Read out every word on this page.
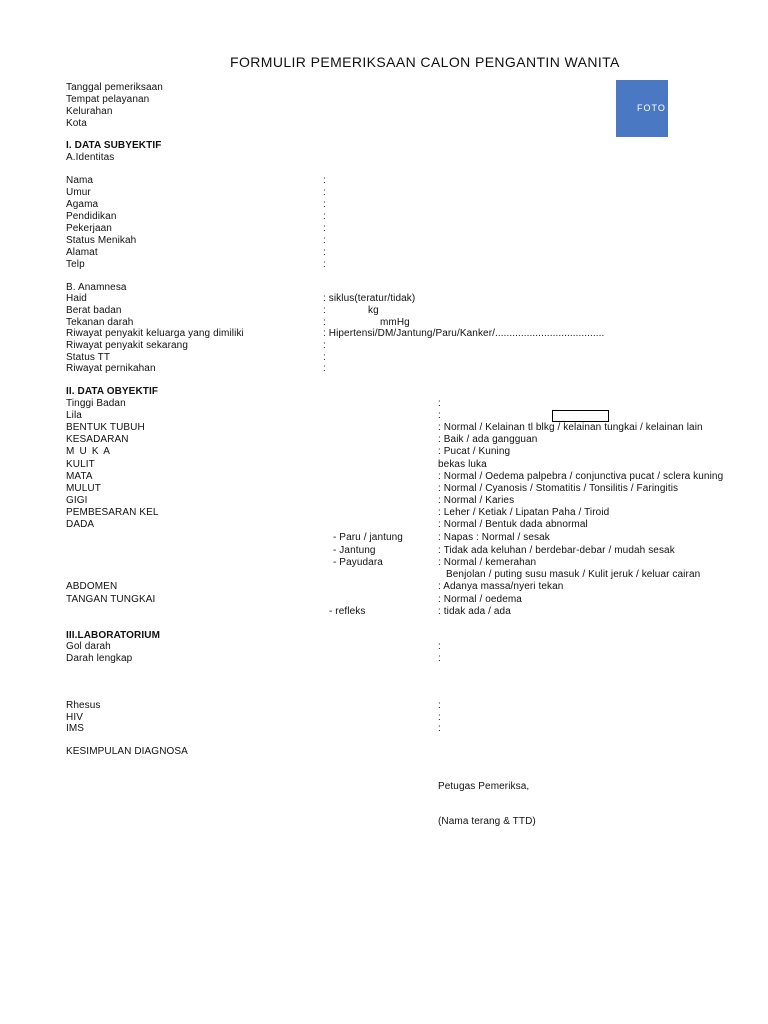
FORMULIR PEMERIKSAAN CALON PENGANTIN WANITA
FOTO
Tanggal pemeriksaan
Tempat pelayanan
Kelurahan
Kota
I. DATA SUBYEKTIF
A.Identitas
Nama	:
Umur	:
Agama	:
Pendidikan	:
Pekerjaan	:
Status Menikah	:
Alamat	:
Telp	:
B. Anamnesa
Haid	: siklus(teratur/tidak)
Berat badan	:	kg
Tekanan darah	:	mmHg
Riwayat penyakit keluarga yang dimiliki	: Hipertensi/DM/Jantung/Paru/Kanker/......................................
Riwayat penyakit sekarang	:
Status TT	:
Riwayat pernikahan	:
II. DATA OBYEKTIF
Tinggi Badan	:
Lila	:
BENTUK TUBUH	: Normal / Kelainan tl blkg / kelainan tungkai / kelainan lain
KESADARAN	: Baik / ada gangguan
M U K A	: Pucat / Kuning
KULIT	bekas luka
MATA	: Normal / Oedema palpebra / conjunctiva pucat / sclera kuning
MULUT	: Normal / Cyanosis / Stomatitis / Tonsilitis / Faringitis
GIGI	: Normal / Karies
PEMBESARAN KEL	: Leher / Ketiak / Lipatan Paha / Tiroid
DADA	: Normal / Bentuk dada abnormal
- Paru / jantung	: Napas : Normal / sesak
- Jantung	: Tidak ada keluhan / berdebar-debar / mudah sesak
- Payudara	: Normal / kemerahan
Benjolan / puting susu masuk / Kulit jeruk / keluar cairan
ABDOMEN	: Adanya massa/nyeri tekan
TANGAN TUNGKAI	: Normal / oedema
- refleks	: tidak ada / ada
III.LABORATORIUM
Gol darah	:
Darah lengkap	:
Rhesus	:
HIV	:
IMS	:
KESIMPULAN DIAGNOSA
Petugas Pemeriksa,
(Nama terang & TTD)
